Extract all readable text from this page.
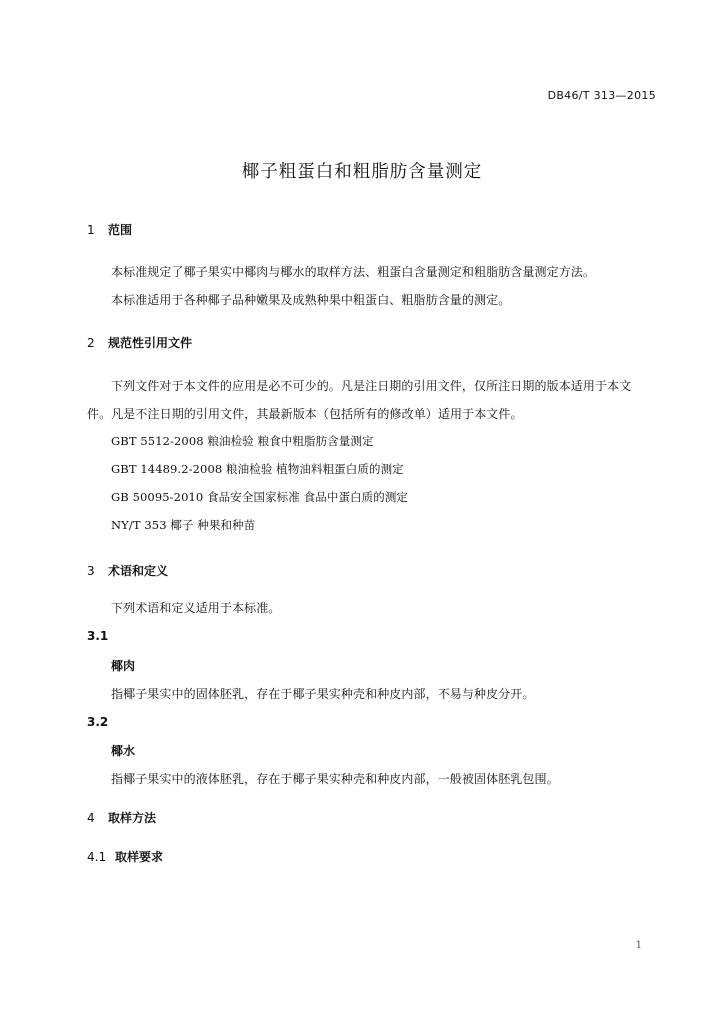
DB46/T 313—2015
椰子粗蛋白和粗脂肪含量测定
1 范围
本标准规定了椰子果实中椰肉与椰水的取样方法、粗蛋白含量测定和粗脂肪含量测定方法。
本标准适用于各种椰子品种嫩果及成熟种果中粗蛋白、粗脂肪含量的测定。
2 规范性引用文件
下列文件对于本文件的应用是必不可少的。凡是注日期的引用文件，仅所注日期的版本适用于本文
件。凡是不注日期的引用文件，其最新版本（包括所有的修改单）适用于本文件。
GBT 5512-2008 粮油检验 粮食中粗脂肪含量测定
GBT 14489.2-2008 粮油检验 植物油料粗蛋白质的测定
GB 50095-2010 食品安全国家标准 食品中蛋白质的测定
NY/T 353 椰子 种果和种苗
3 术语和定义
下列术语和定义适用于本标准。
3.1
椰肉
指椰子果实中的固体胚乳，存在于椰子果实种壳和种皮内部，不易与种皮分开。
3.2
椰水
指椰子果实中的液体胚乳，存在于椰子果实种壳和种皮内部，一般被固体胚乳包围。
4 取样方法
4.1 取样要求
1
